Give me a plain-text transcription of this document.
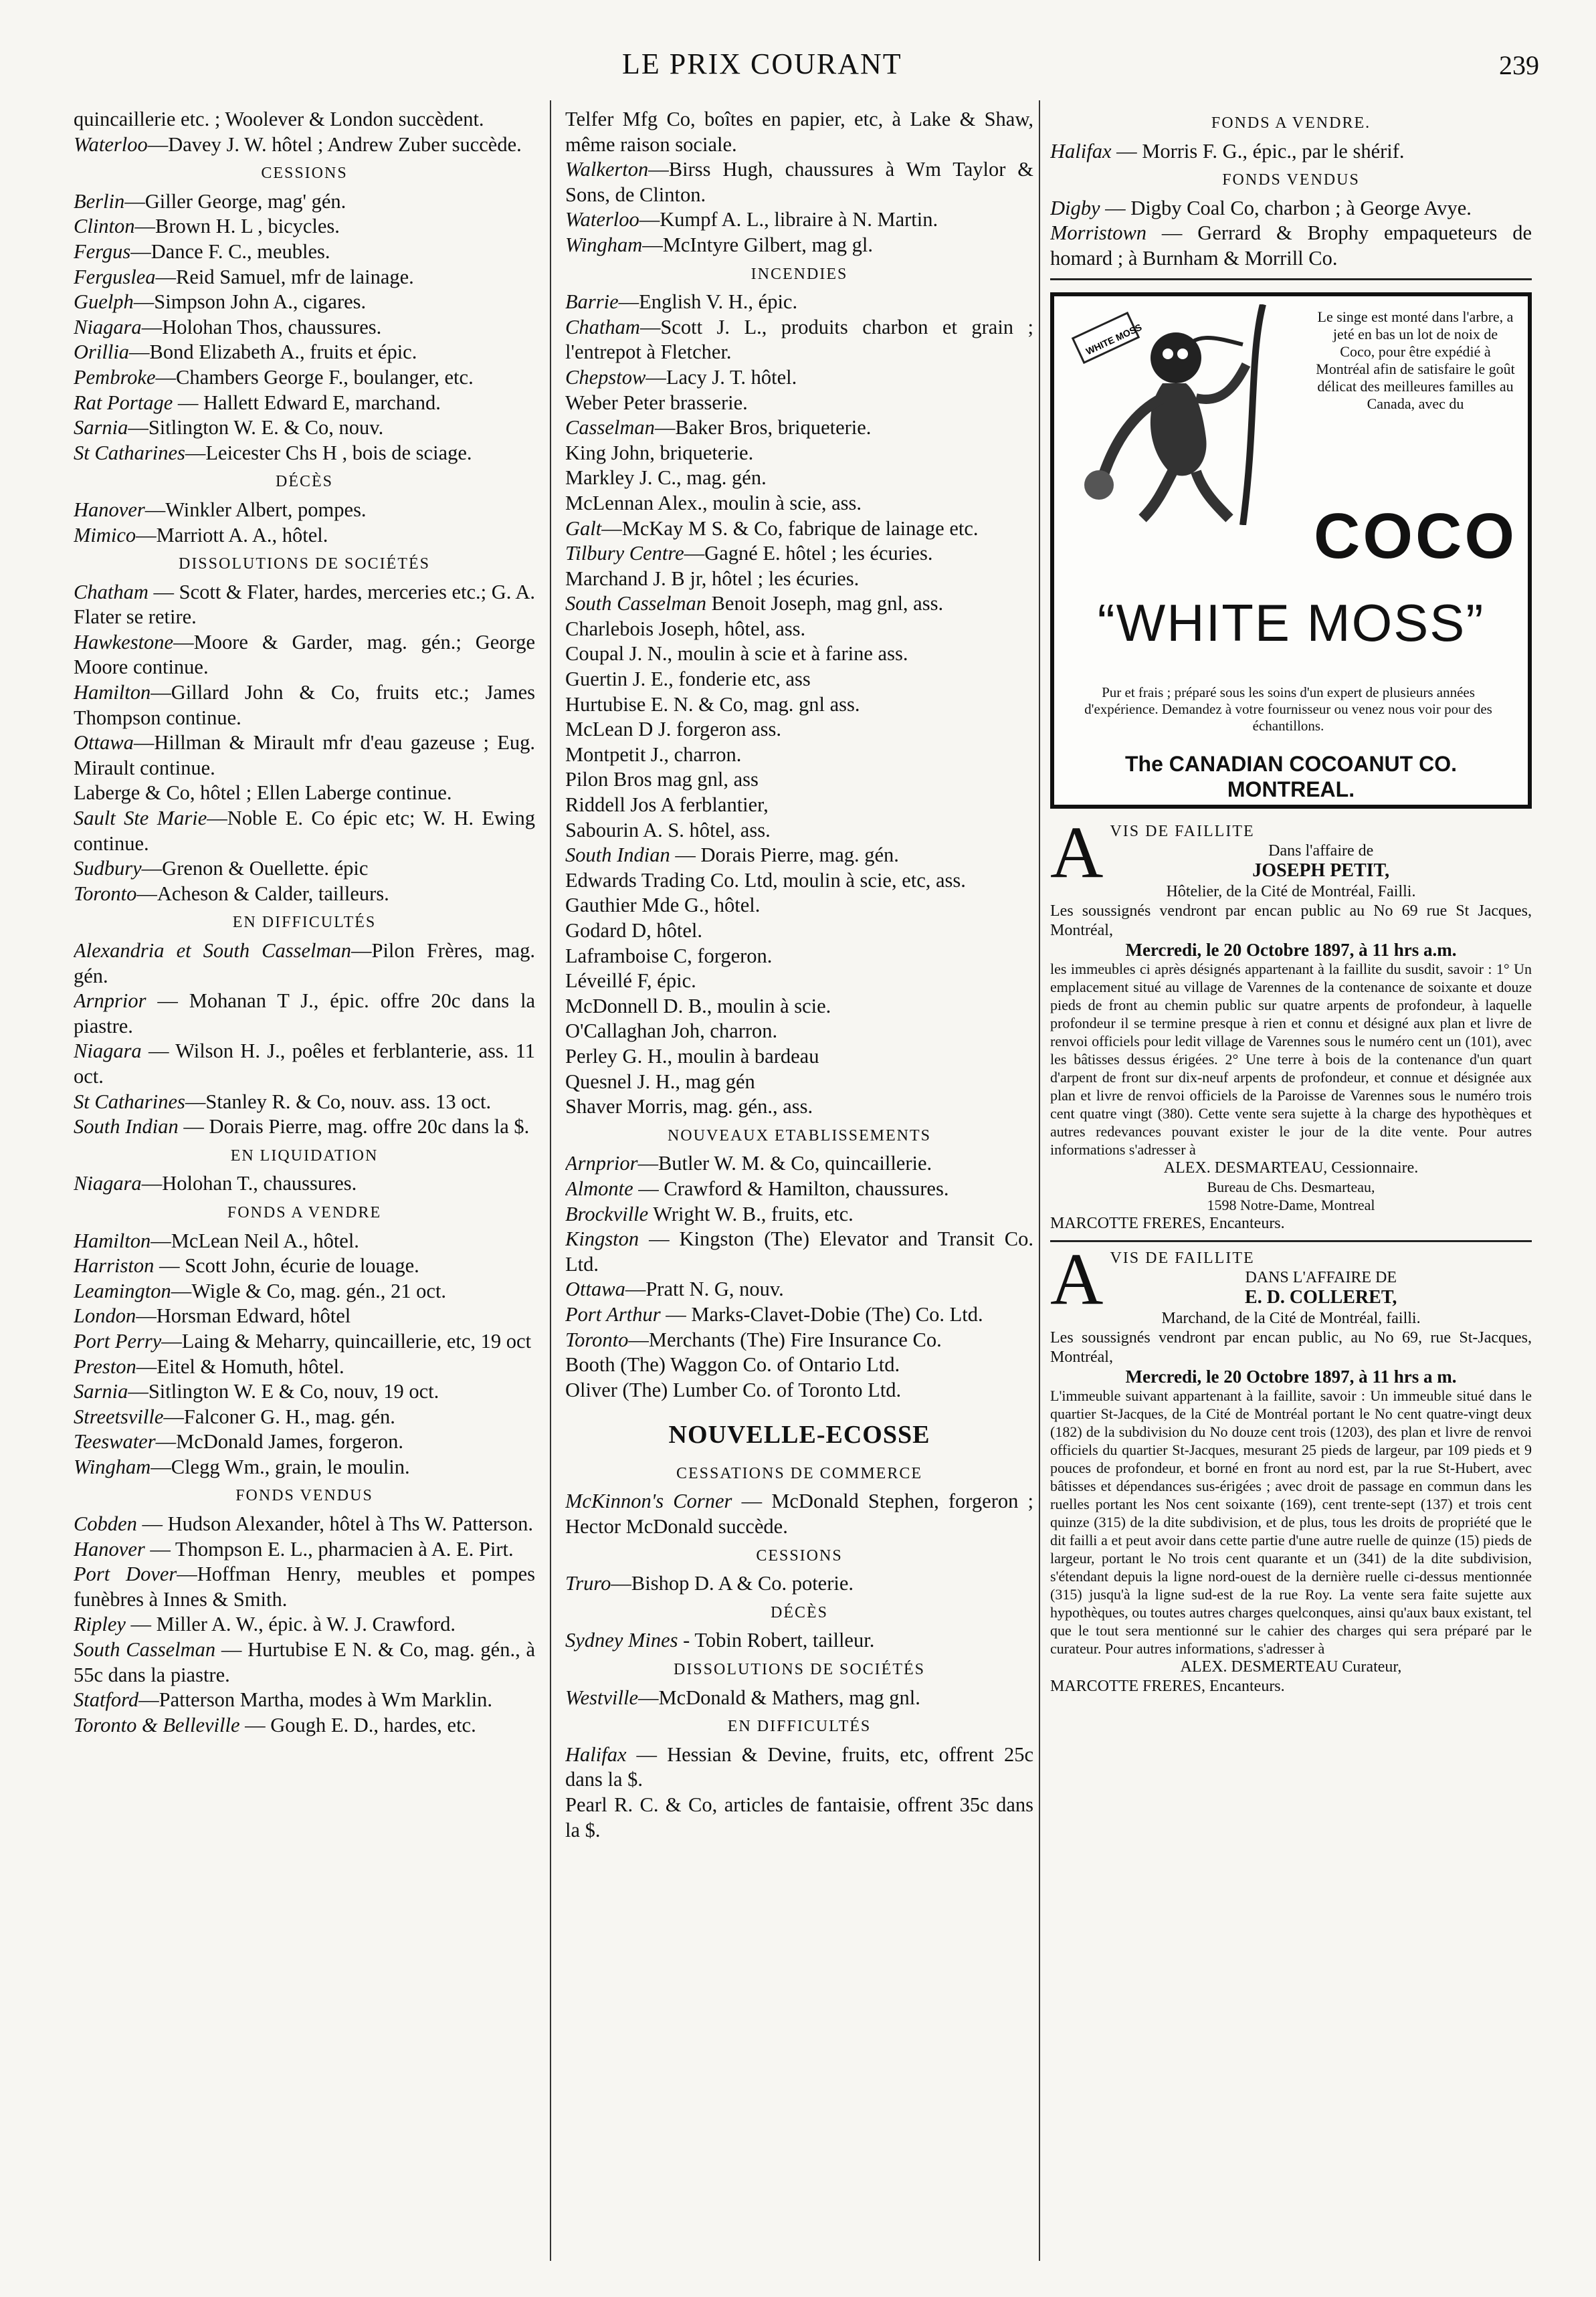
LE PRIX COURANT	239

quincaillerie etc. ; Woolever & London succèdent.

Waterloo—Davey J. W. hôtel ; Andrew Zuber succède.

CESSIONS

Berlin—Giller George, mag' gén.

Clinton—Brown H. L , bicycles.

Fergus—Dance F. C., meubles.

Ferguslea—Reid Samuel, mfr de lainage.

Guelph—Simpson John A., cigares.

Niagara—Holohan Thos, chaussures.

Orillia—Bond Elizabeth A., fruits et épic.

Pembroke—Chambers George F., boulanger, etc.

Rat Portage — Hallett Edward E, marchand.

Sarnia—Sitlington W. E. & Co, nouv.

St Catharines—Leicester Chs H , bois de sciage.

DÉCÈS

Hanover—Winkler Albert, pompes.

Mimico—Marriott A. A., hôtel.

DISSOLUTIONS DE SOCIÉTÉS

Chatham — Scott & Flater, hardes, merceries etc.; G. A. Flater se retire.

Hawkestone—Moore & Garder, mag. gén.; George Moore continue.

Hamilton—Gillard John & Co, fruits etc.; James Thompson continue.

Ottawa—Hillman & Mirault mfr d'eau gazeuse ; Eug. Mirault continue.

Laberge & Co, hôtel ; Ellen Laberge continue.

Sault Ste Marie—Noble E. Co épic etc; W. H. Ewing continue.

Sudbury—Grenon & Ouellette. épic

Toronto—Acheson & Calder, tailleurs.

EN DIFFICULTÉS

Alexandria et South Casselman—Pilon Frères, mag. gén.

Arnprior — Mohanan T J., épic. offre 20c dans la piastre.

Niagara — Wilson H. J., poêles et ferblanterie, ass. 11 oct.

St Catharines—Stanley R. & Co, nouv. ass. 13 oct.

South Indian — Dorais Pierre, mag. offre 20c dans la $.

EN LIQUIDATION

Niagara—Holohan T., chaussures.

FONDS A VENDRE

Hamilton—McLean Neil A., hôtel.

Harriston — Scott John, écurie de louage.

Leamington—Wigle & Co, mag. gén., 21 oct.

London—Horsman Edward, hôtel

Port Perry—Laing & Meharry, quincaillerie, etc, 19 oct

Preston—Eitel & Homuth, hôtel.

Sarnia—Sitlington W. E & Co, nouv, 19 oct.

Streetsville—Falconer G. H., mag. gén.

Teeswater—McDonald James, forgeron.

Wingham—Clegg Wm., grain, le moulin.

FONDS VENDUS

Cobden — Hudson Alexander, hôtel à Ths W. Patterson.

Hanover — Thompson E. L., pharmacien à A. E. Pirt.

Port Dover—Hoffman Henry, meubles et pompes funèbres à Innes & Smith.

Ripley — Miller A. W., épic. à W. J. Crawford.

South Casselman — Hurtubise E N. & Co, mag. gén., à 55c dans la piastre.

Statford—Patterson Martha, modes à Wm Marklin.

Toronto & Belleville — Gough E. D., hardes, etc.

Telfer Mfg Co, boîtes en papier, etc, à Lake & Shaw, même raison sociale.

Walkerton—Birss Hugh, chaussures à Wm Taylor & Sons, de Clinton.

Waterloo—Kumpf A. L., libraire à N. Martin.

Wingham—McIntyre Gilbert, mag gl.

INCENDIES

Barrie—English V. H., épic.

Chatham—Scott J. L., produits charbon et grain ; l'entrepot à Fletcher.

Chepstow—Lacy J. T. hôtel.

Weber Peter brasserie.

Casselman—Baker Bros, briqueterie.

King John, briqueterie.

Markley J. C., mag. gén.

McLennan Alex., moulin à scie, ass.

Galt—McKay M S. & Co, fabrique de lainage etc.

Tilbury Centre—Gagné E. hôtel ; les écuries.

Marchand J. B jr, hôtel ; les écuries.

South Casselman Benoit Joseph, mag gnl, ass.

Charlebois Joseph, hôtel, ass.

Coupal J. N., moulin à scie et à farine ass.

Guertin J. E., fonderie etc, ass

Hurtubise E. N. & Co, mag. gnl ass.

McLean D J. forgeron ass.

Montpetit J., charron.

Pilon Bros mag gnl, ass

Riddell Jos A ferblantier,

Sabourin A. S. hôtel, ass.

South Indian — Dorais Pierre, mag. gén.

Edwards Trading Co. Ltd, moulin à scie, etc, ass.

Gauthier Mde G., hôtel.

Godard D, hôtel.

Laframboise C, forgeron.

Léveillé F, épic.

McDonnell D. B., moulin à scie.

O'Callaghan Joh, charron.

Perley G. H., moulin à bardeau

Quesnel J. H., mag gén

Shaver Morris, mag. gén., ass.

NOUVEAUX ETABLISSEMENTS

Arnprior—Butler W. M. & Co, quincaillerie.

Almonte — Crawford & Hamilton, chaussures.

Brockville Wright W. B., fruits, etc.

Kingston — Kingston (The) Elevator and Transit Co. Ltd.

Ottawa—Pratt N. G, nouv.

Port Arthur — Marks-Clavet-Dobie (The) Co. Ltd.

Toronto—Merchants (The) Fire Insurance Co.

Booth (The) Waggon Co. of Ontario Ltd.

Oliver (The) Lumber Co. of Toronto Ltd.

NOUVELLE-ECOSSE
CESSATIONS DE COMMERCE

McKinnon's Corner — McDonald Stephen, forgeron ; Hector McDonald succède.

CESSIONS

Truro—Bishop D. A & Co. poterie.

DÉCÈS

Sydney Mines - Tobin Robert, tailleur.

DISSOLUTIONS DE SOCIÉTÉS

Westville—McDonald & Mathers, mag gnl.

EN DIFFICULTÉS

Halifax — Hessian & Devine, fruits, etc, offrent 25c dans la $.

Pearl R. C. & Co, articles de fantaisie, offrent 35c dans la $.

FONDS A VENDRE.

Halifax — Morris F. G., épic., par le shérif.

FONDS VENDUS

Digby — Digby Coal Co, charbon ; à George Avye.

Morristown — Gerrard & Brophy empaqueteurs de homard ; à Burnham & Morrill Co.

WHITE MOSS
Le singe est monté dans l'arbre, a jeté en bas un lot de noix de Coco, pour être expédié à Montréal afin de satisfaire le goût délicat des meilleures familles au Canada, avec du
COCO
“WHITE MOSS”
Pur et frais ; préparé sous les soins d'un expert de plusieurs années d'expérience. Demandez à votre fournisseur ou venez nous voir pour des échantillons.
The CANADIAN COCOANUT CO.
MONTREAL.
A VIS DE FAILLITE
Dans l'affaire de
JOSEPH PETIT,
Hôtelier, de la Cité de Montréal, Failli.
Les soussignés vendront par encan public au No 69 rue St Jacques, Montréal,
Mercredi, le 20 Octobre 1897, à 11 hrs a.m.
les immeubles ci après désignés appartenant à la faillite du susdit, savoir : 1° Un emplacement situé au village de Varennes de la contenance de soixante et douze pieds de front au chemin public sur quatre arpents de profondeur, à laquelle profondeur il se termine presque à rien et connu et désigné aux plan et livre de renvoi officiels pour ledit village de Varennes sous le numéro cent un (101), avec les bâtisses dessus érigées. 2° Une terre à bois de la contenance d'un quart d'arpent de front sur dix-neuf arpents de profondeur, et connue et désignée aux plan et livre de renvoi officiels de la Paroisse de Varennes sous le numéro trois cent quatre vingt (380). Cette vente sera sujette à la charge des hypothèques et autres redevances pouvant exister le jour de la dite vente. Pour autres informations s'adresser à
ALEX. DESMARTEAU, Cessionnaire.
Bureau de Chs. Desmarteau,
1598 Notre-Dame, Montreal
MARCOTTE FRERES, Encanteurs.
A VIS DE FAILLITE
DANS L'AFFAIRE DE
E. D. COLLERET,
Marchand, de la Cité de Montréal, failli.
Les soussignés vendront par encan public, au No 69, rue St-Jacques, Montréal,
Mercredi, le 20 Octobre 1897, à 11 hrs a m.
L'immeuble suivant appartenant à la faillite, savoir : Un immeuble situé dans le quartier St-Jacques, de la Cité de Montréal portant le No cent quatre-vingt deux (182) de la subdivision du No douze cent trois (1203), des plan et livre de renvoi officiels du quartier St-Jacques, mesurant 25 pieds de largeur, par 109 pieds et 9 pouces de profondeur, et borné en front au nord est, par la rue St-Hubert, avec bâtisses et dépendances sus-érigées ; avec droit de passage en commun dans les ruelles portant les Nos cent soixante (169), cent trente-sept (137) et trois cent quinze (315) de la dite subdivision, et de plus, tous les droits de propriété que le dit failli a et peut avoir dans cette partie d'une autre ruelle de quinze (15) pieds de largeur, portant le No trois cent quarante et un (341) de la dite subdivision, s'étendant depuis la ligne nord-ouest de la dernière ruelle ci-dessus mentionnée (315) jusqu'à la ligne sud-est de la rue Roy. La vente sera faite sujette aux hypothèques, ou toutes autres charges quelconques, ainsi qu'aux baux existant, tel que le tout sera mentionné sur le cahier des charges qui sera préparé par le curateur. Pour autres informations, s'adresser à
ALEX. DESMERTEAU Curateur,
MARCOTTE FRERES, Encanteurs.
